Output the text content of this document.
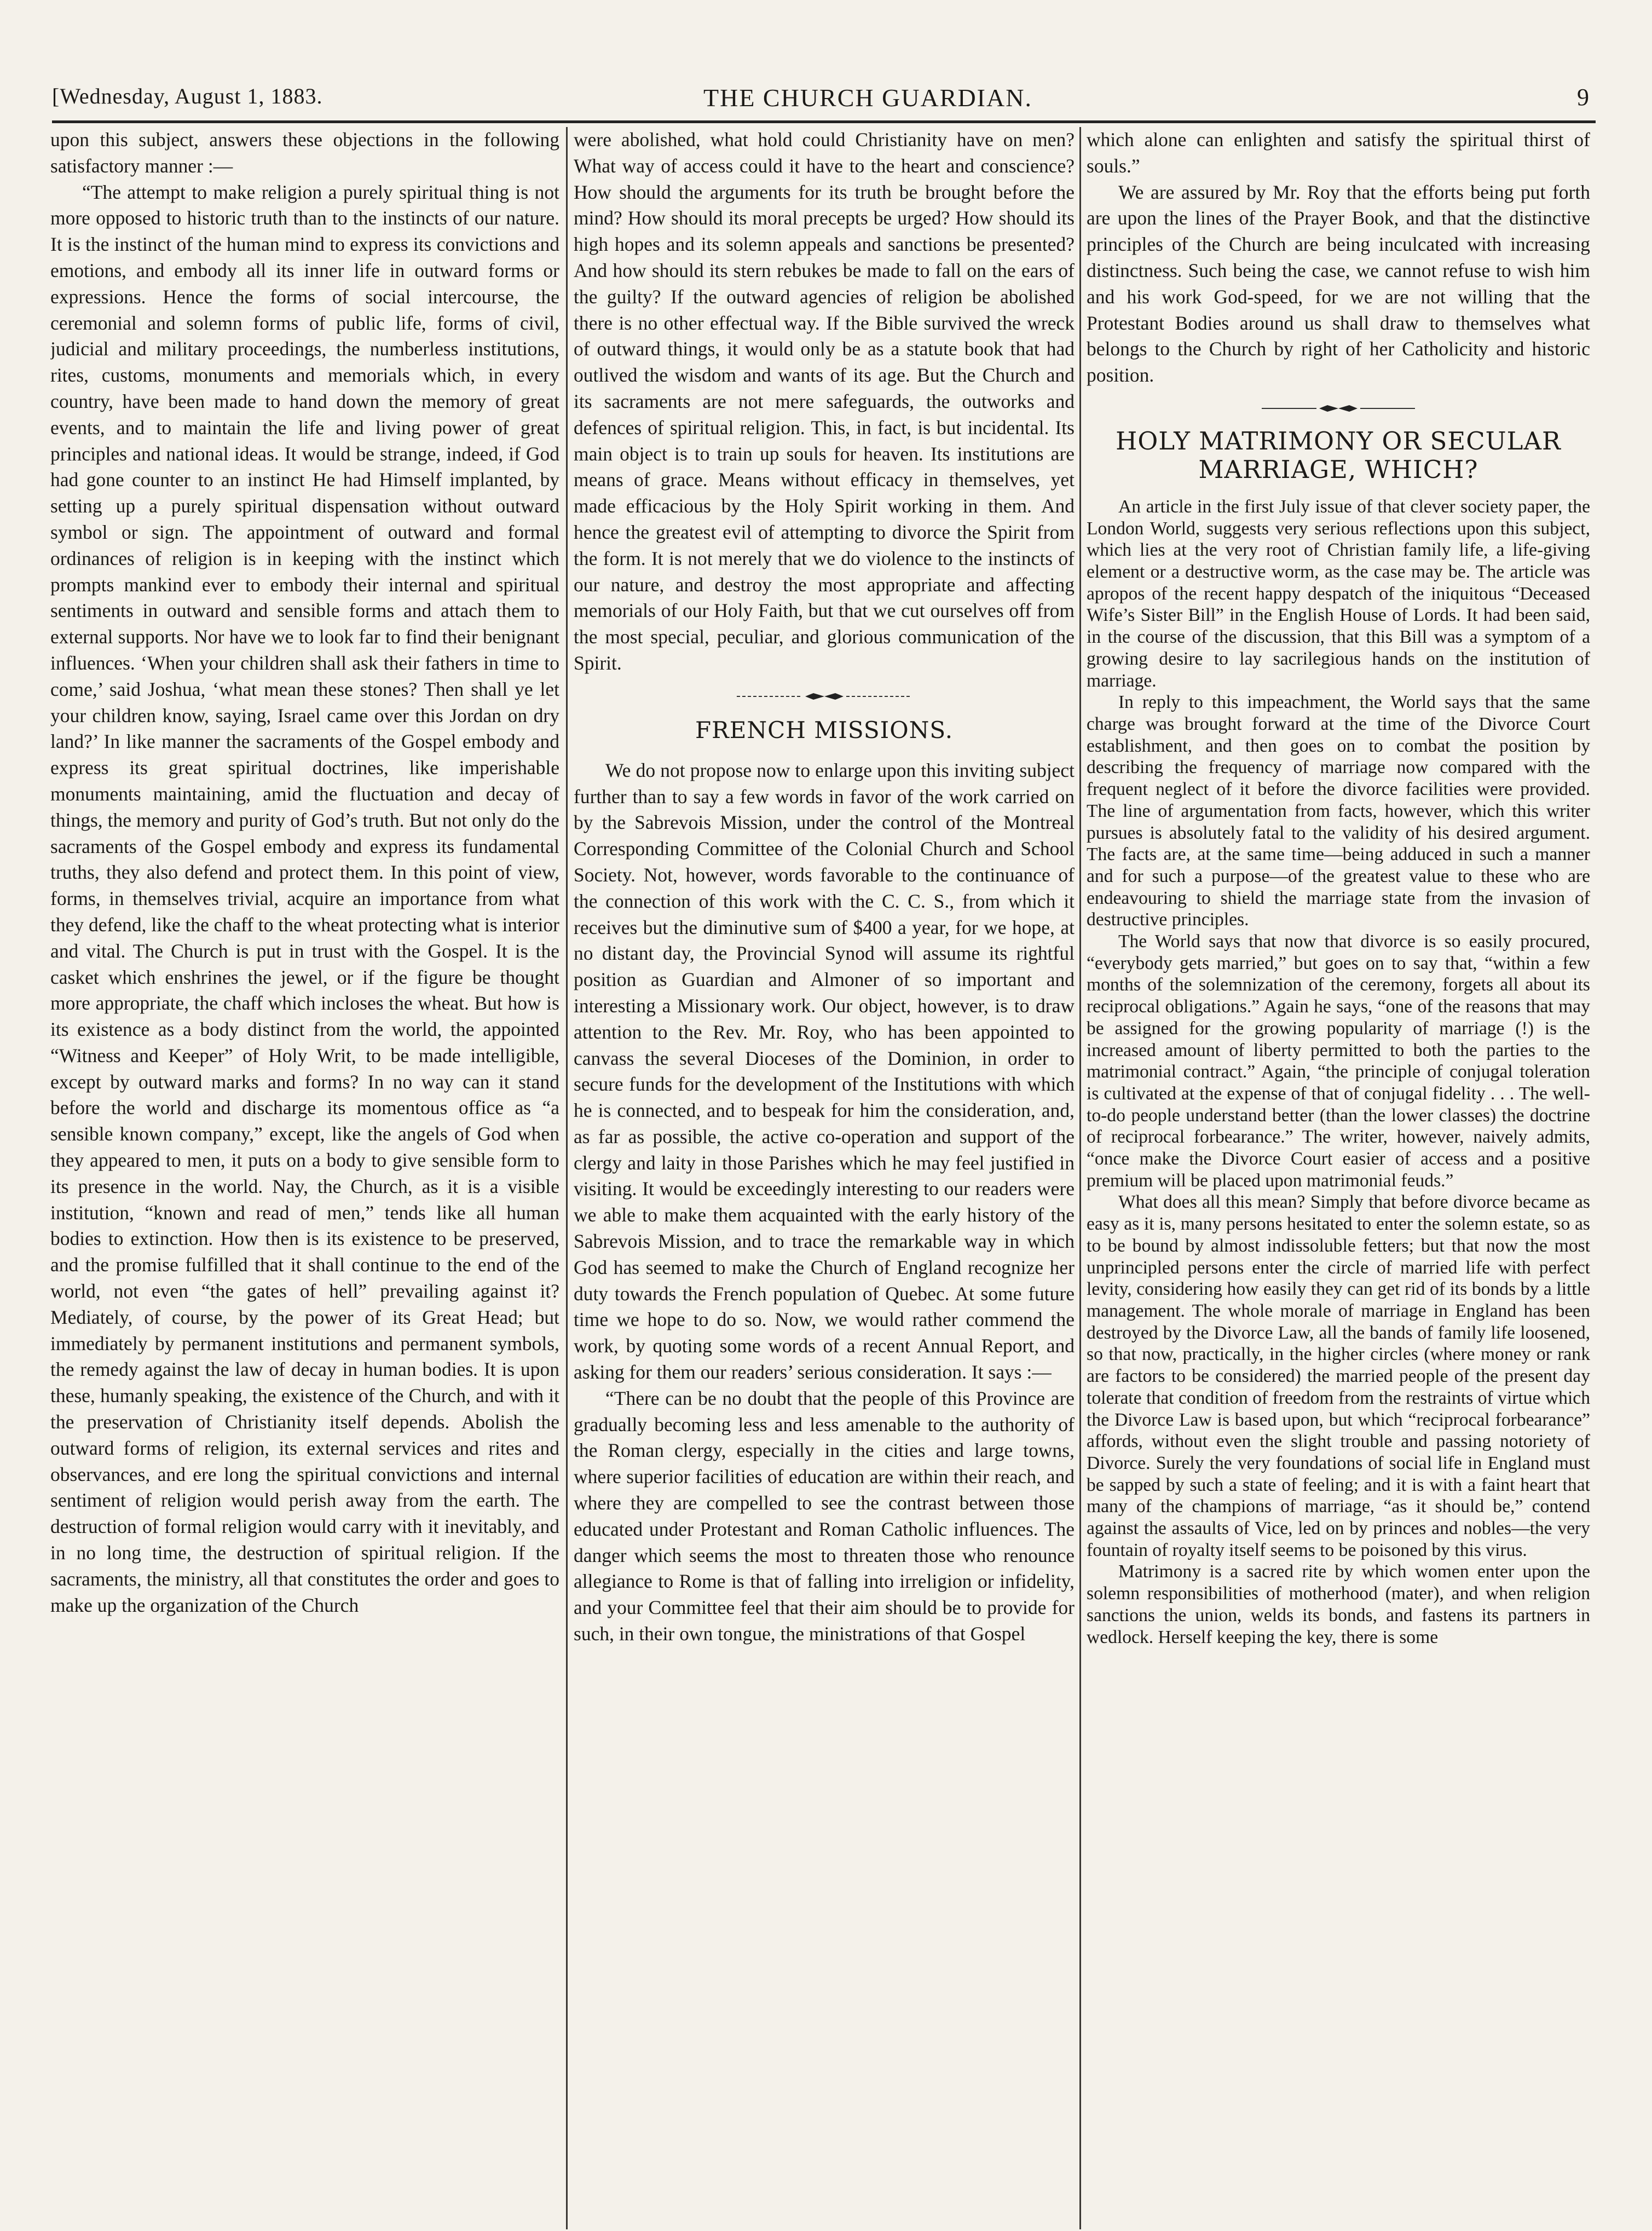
[Wednesday, August 1, 1883.	THE CHURCH GUARDIAN.	9

upon this subject, answers these objections in the following satisfactory manner :—

“The attempt to make religion a purely spiritual thing is not more opposed to historic truth than to the instincts of our nature. It is the instinct of the human mind to express its convictions and emotions, and embody all its inner life in outward forms or expressions. Hence the forms of social intercourse, the ceremonial and solemn forms of public life, forms of civil, judicial and military proceedings, the numberless institutions, rites, customs, monuments and memorials which, in every country, have been made to hand down the memory of great events, and to maintain the life and living power of great principles and national ideas. It would be strange, indeed, if God had gone counter to an instinct He had Himself implanted, by setting up a purely spiritual dispensation without outward symbol or sign. The appointment of outward and formal ordinances of religion is in keeping with the instinct which prompts mankind ever to embody their internal and spiritual sentiments in outward and sensible forms and attach them to external supports. Nor have we to look far to find their benignant influences. ‘When your children shall ask their fathers in time to come,’ said Joshua, ‘what mean these stones? Then shall ye let your children know, saying, Israel came over this Jordan on dry land?’ In like manner the sacraments of the Gospel embody and express its great spiritual doctrines, like imperishable monuments maintaining, amid the fluctuation and decay of things, the memory and purity of God’s truth. But not only do the sacraments of the Gospel embody and express its fundamental truths, they also defend and protect them. In this point of view, forms, in themselves trivial, acquire an importance from what they defend, like the chaff to the wheat protecting what is interior and vital. The Church is put in trust with the Gospel. It is the casket which enshrines the jewel, or if the figure be thought more appropriate, the chaff which incloses the wheat. But how is its existence as a body distinct from the world, the appointed “Witness and Keeper” of Holy Writ, to be made intelligible, except by outward marks and forms? In no way can it stand before the world and discharge its momentous office as “a sensible known company,” except, like the angels of God when they appeared to men, it puts on a body to give sensible form to its presence in the world. Nay, the Church, as it is a visible institution, “known and read of men,” tends like all human bodies to extinction. How then is its existence to be preserved, and the promise fulfilled that it shall continue to the end of the world, not even “the gates of hell” prevailing against it? Mediately, of course, by the power of its Great Head; but immediately by permanent institutions and permanent symbols, the remedy against the law of decay in human bodies. It is upon these, humanly speaking, the existence of the Church, and with it the preservation of Christianity itself depends. Abolish the outward forms of religion, its external services and rites and observances, and ere long the spiritual convictions and internal sentiment of religion would perish away from the earth. The destruction of formal religion would carry with it inevitably, and in no long time, the destruction of spiritual religion. If the sacraments, the ministry, all that constitutes the order and goes to make up the organization of the Church

were abolished, what hold could Christianity have on men? What way of access could it have to the heart and conscience? How should the arguments for its truth be brought before the mind? How should its moral precepts be urged? How should its high hopes and its solemn appeals and sanctions be presented? And how should its stern rebukes be made to fall on the ears of the guilty? If the outward agencies of religion be abolished there is no other effectual way. If the Bible survived the wreck of outward things, it would only be as a statute book that had outlived the wisdom and wants of its age. But the Church and its sacraments are not mere safeguards, the outworks and defences of spiritual religion. This, in fact, is but incidental. Its main object is to train up souls for heaven. Its institutions are means of grace. Means without efficacy in themselves, yet made efficacious by the Holy Spirit working in them. And hence the greatest evil of attempting to divorce the Spirit from the form. It is not merely that we do violence to the instincts of our nature, and destroy the most appropriate and affecting memorials of our Holy Faith, but that we cut ourselves off from the most special, peculiar, and glorious communication of the Spirit.

FRENCH MISSIONS.

We do not propose now to enlarge upon this inviting subject further than to say a few words in favor of the work carried on by the Sabrevois Mission, under the control of the Montreal Corresponding Committee of the Colonial Church and School Society. Not, however, words favorable to the continuance of the connection of this work with the C. C. S., from which it receives but the diminutive sum of $400 a year, for we hope, at no distant day, the Provincial Synod will assume its rightful position as Guardian and Almoner of so important and interesting a Missionary work. Our object, however, is to draw attention to the Rev. Mr. Roy, who has been appointed to canvass the several Dioceses of the Dominion, in order to secure funds for the development of the Institutions with which he is connected, and to bespeak for him the consideration, and, as far as possible, the active co-operation and support of the clergy and laity in those Parishes which he may feel justified in visiting. It would be exceedingly interesting to our readers were we able to make them acquainted with the early history of the Sabrevois Mission, and to trace the remarkable way in which God has seemed to make the Church of England recognize her duty towards the French population of Quebec. At some future time we hope to do so. Now, we would rather commend the work, by quoting some words of a recent Annual Report, and asking for them our readers’ serious consideration. It says :—

“There can be no doubt that the people of this Province are gradually becoming less and less amenable to the authority of the Roman clergy, especially in the cities and large towns, where superior facilities of education are within their reach, and where they are compelled to see the contrast between those educated under Protestant and Roman Catholic influences. The danger which seems the most to threaten those who renounce allegiance to Rome is that of falling into irreligion or infidelity, and your Committee feel that their aim should be to provide for such, in their own tongue, the ministrations of that Gospel

which alone can enlighten and satisfy the spiritual thirst of souls.”

We are assured by Mr. Roy that the efforts being put forth are upon the lines of the Prayer Book, and that the distinctive principles of the Church are being inculcated with increasing distinctness. Such being the case, we cannot refuse to wish him and his work God-speed, for we are not willing that the Protestant Bodies around us shall draw to themselves what belongs to the Church by right of her Catholicity and historic position.

HOLY MATRIMONY OR SECULAR MARRIAGE, WHICH?

An article in the first July issue of that clever society paper, the London World, suggests very serious reflections upon this subject, which lies at the very root of Christian family life, a life-giving element or a destructive worm, as the case may be. The article was apropos of the recent happy despatch of the iniquitous “Deceased Wife’s Sister Bill” in the English House of Lords. It had been said, in the course of the discussion, that this Bill was a symptom of a growing desire to lay sacrilegious hands on the institution of marriage.

In reply to this impeachment, the World says that the same charge was brought forward at the time of the Divorce Court establishment, and then goes on to combat the position by describing the frequency of marriage now compared with the frequent neglect of it before the divorce facilities were provided. The line of argumentation from facts, however, which this writer pursues is absolutely fatal to the validity of his desired argument. The facts are, at the same time—being adduced in such a manner and for such a purpose—of the greatest value to these who are endeavouring to shield the marriage state from the invasion of destructive principles.

The World says that now that divorce is so easily procured, “everybody gets married,” but goes on to say that, “within a few months of the solemnization of the ceremony, forgets all about its reciprocal obligations.” Again he says, “one of the reasons that may be assigned for the growing popularity of marriage (!) is the increased amount of liberty permitted to both the parties to the matrimonial contract.” Again, “the principle of conjugal toleration is cultivated at the expense of that of conjugal fidelity . . . The well-to-do people understand better (than the lower classes) the doctrine of reciprocal forbearance.” The writer, however, naively admits, “once make the Divorce Court easier of access and a positive premium will be placed upon matrimonial feuds.”

What does all this mean? Simply that before divorce became as easy as it is, many persons hesitated to enter the solemn estate, so as to be bound by almost indissoluble fetters; but that now the most unprincipled persons enter the circle of married life with perfect levity, considering how easily they can get rid of its bonds by a little management. The whole morale of marriage in England has been destroyed by the Divorce Law, all the bands of family life loosened, so that now, practically, in the higher circles (where money or rank are factors to be considered) the married people of the present day tolerate that condition of freedom from the restraints of virtue which the Divorce Law is based upon, but which “reciprocal forbearance” affords, without even the slight trouble and passing notoriety of Divorce. Surely the very foundations of social life in England must be sapped by such a state of feeling; and it is with a faint heart that many of the champions of marriage, “as it should be,” contend against the assaults of Vice, led on by princes and nobles—the very fountain of royalty itself seems to be poisoned by this virus.

Matrimony is a sacred rite by which women enter upon the solemn responsibilities of motherhood (mater), and when religion sanctions the union, welds its bonds, and fastens its partners in wedlock. Herself keeping the key, there is some
